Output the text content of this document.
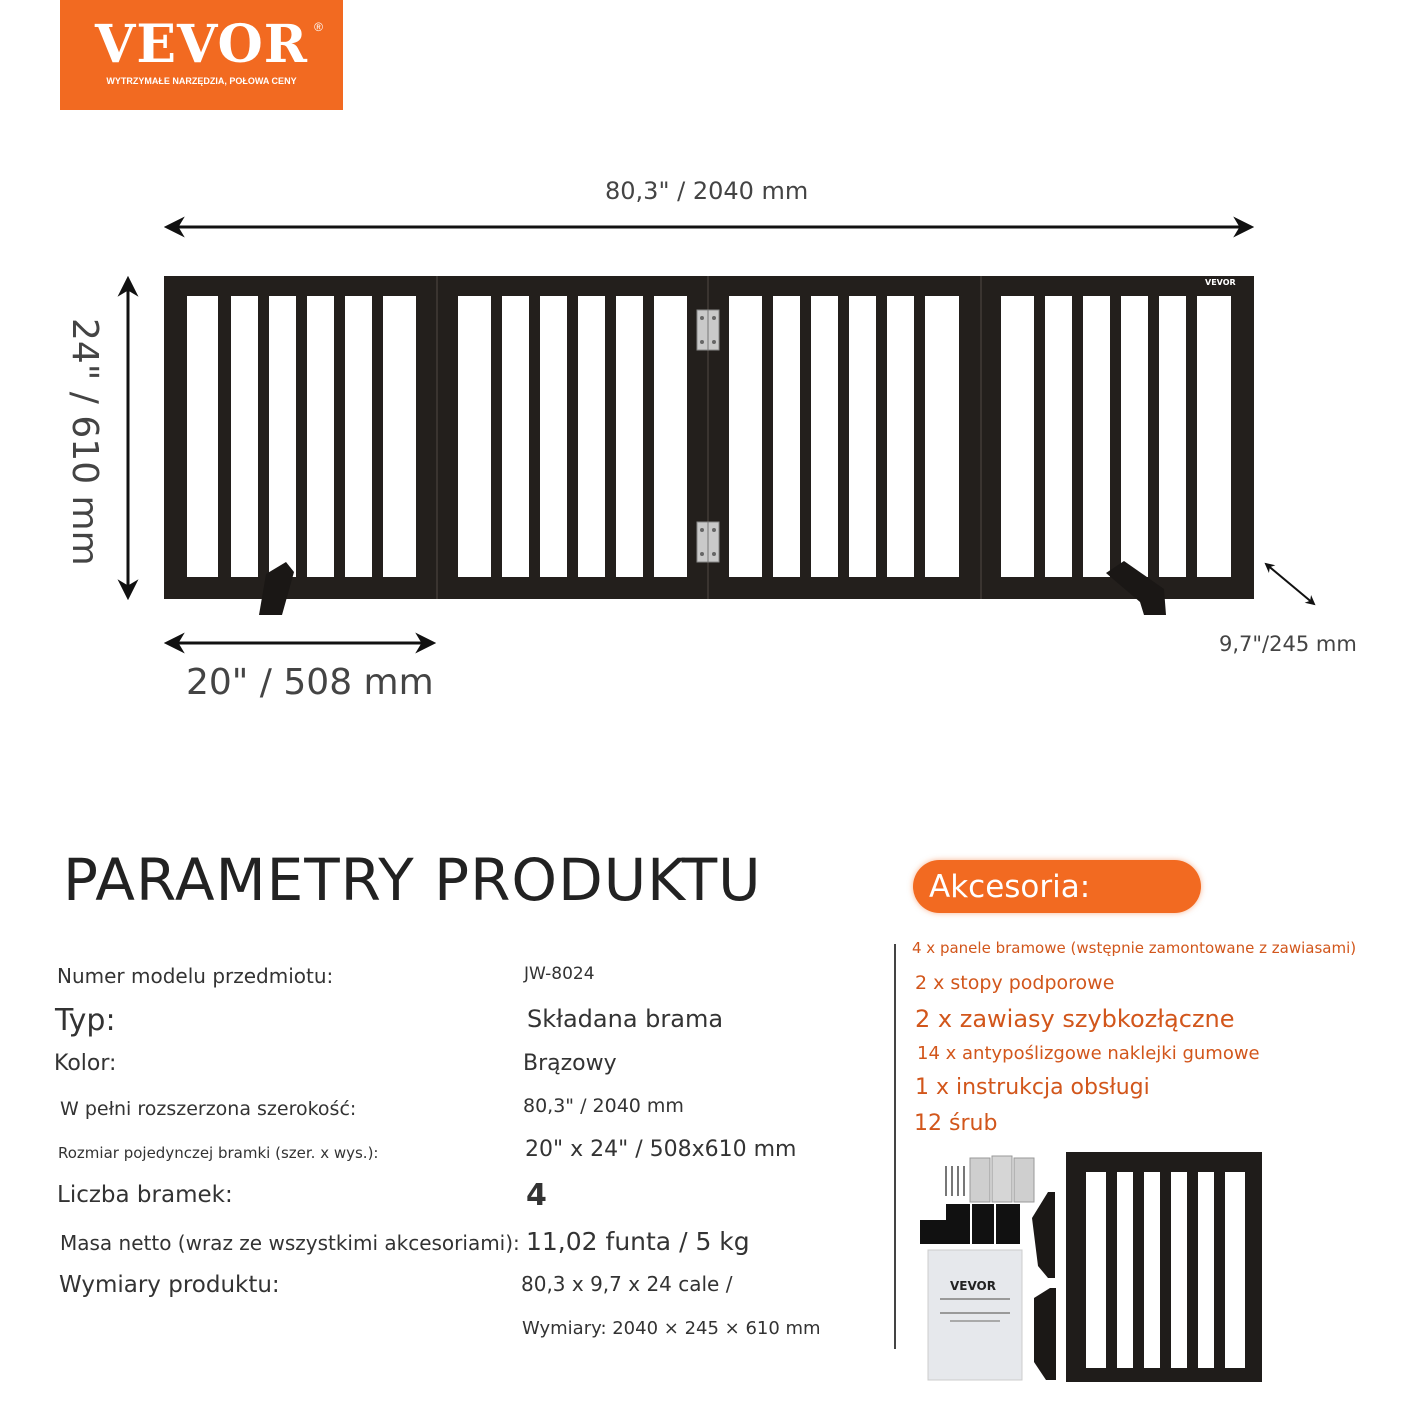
VEVOR ®
WYTRZYMAŁE NARZĘDZIA, POŁOWA CENY
VEVOR
80,3" / 2040 mm
24" / 610 mm
20" / 508 mm
9,7"/245 mm
PARAMETRY PRODUKTU
Numer modelu przedmiotu:	JW-8024
Typ:	Składana brama
Kolor:	Brązowy
W pełni rozszerzona szerokość:	80,3" / 2040 mm
Rozmiar pojedynczej bramki (szer. x wys.):	20" x 24" / 508x610 mm
Liczba bramek:	4
Masa netto (wraz ze wszystkimi akcesoriami): 11,02 funta / 5 kg
Wymiary produktu:	80,3 x 9,7 x 24 cale /
Wymiary: 2040 × 245 × 610 mm
Akcesoria:
4 x panele bramowe (wstępnie zamontowane z zawiasami)
2 x stopy podporowe
2 x zawiasy szybkozłączne
14 x antypoślizgowe naklejki gumowe
1 x instrukcja obsługi
12 śrub
VEVOR
